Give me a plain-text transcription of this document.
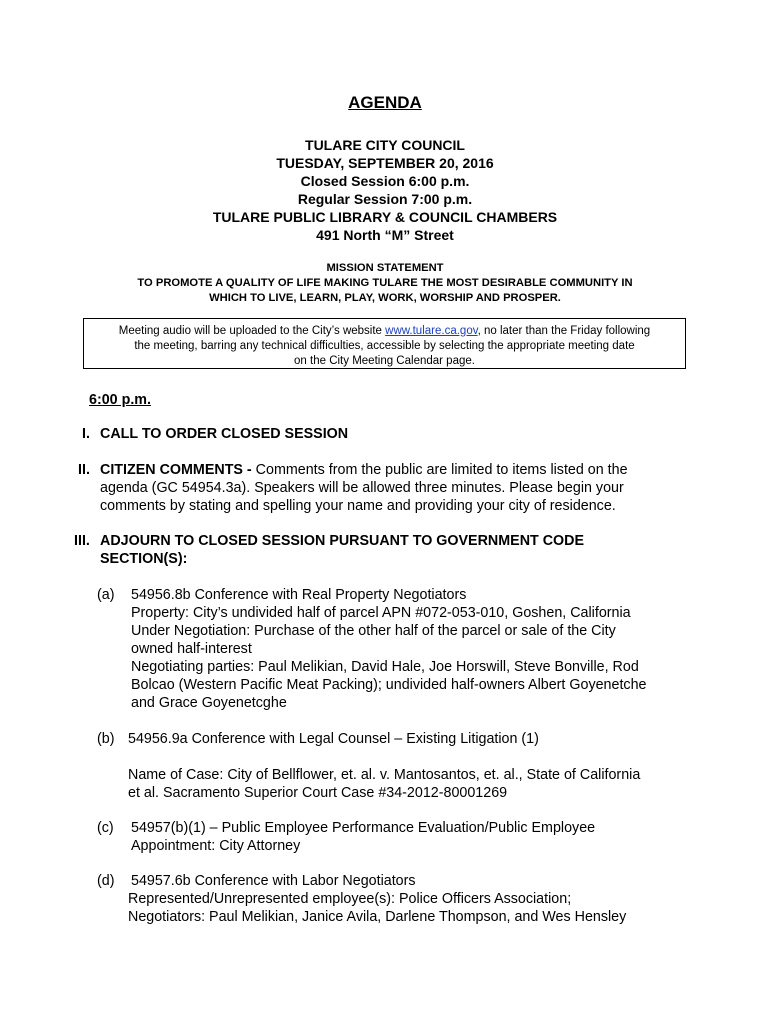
AGENDA
TULARE CITY COUNCIL
TUESDAY, SEPTEMBER 20, 2016
Closed Session 6:00 p.m.
Regular Session 7:00 p.m.
TULARE PUBLIC LIBRARY & COUNCIL CHAMBERS
491 North “M” Street
MISSION STATEMENT
TO PROMOTE A QUALITY OF LIFE MAKING TULARE THE MOST DESIRABLE COMMUNITY IN
WHICH TO LIVE, LEARN, PLAY, WORK, WORSHIP AND PROSPER.
Meeting audio will be uploaded to the City’s website www.tulare.ca.gov, no later than the Friday following
the meeting, barring any technical difficulties, accessible by selecting the appropriate meeting date
on the City Meeting Calendar page.
6:00 p.m.
I. CALL TO ORDER CLOSED SESSION
II. CITIZEN COMMENTS - Comments from the public are limited to items listed on the
agenda (GC 54954.3a). Speakers will be allowed three minutes. Please begin your
comments by stating and spelling your name and providing your city of residence.
III. ADJOURN TO CLOSED SESSION PURSUANT TO GOVERNMENT CODE
SECTION(S):
(a) 54956.8b Conference with Real Property Negotiators
Property: City’s undivided half of parcel APN #072-053-010, Goshen, California
Under Negotiation: Purchase of the other half of the parcel or sale of the City
owned half-interest
Negotiating parties: Paul Melikian, David Hale, Joe Horswill, Steve Bonville, Rod
Bolcao (Western Pacific Meat Packing); undivided half-owners Albert Goyenetche
and Grace Goyenetcghe
(b) 54956.9a Conference with Legal Counsel – Existing Litigation (1)
Name of Case: City of Bellflower, et. al. v. Mantosantos, et. al., State of California
et al. Sacramento Superior Court Case #34-2012-80001269
(c) 54957(b)(1) – Public Employee Performance Evaluation/Public Employee
Appointment: City Attorney
(d) 54957.6b Conference with Labor Negotiators
Represented/Unrepresented employee(s): Police Officers Association;
Negotiators: Paul Melikian, Janice Avila, Darlene Thompson, and Wes Hensley
